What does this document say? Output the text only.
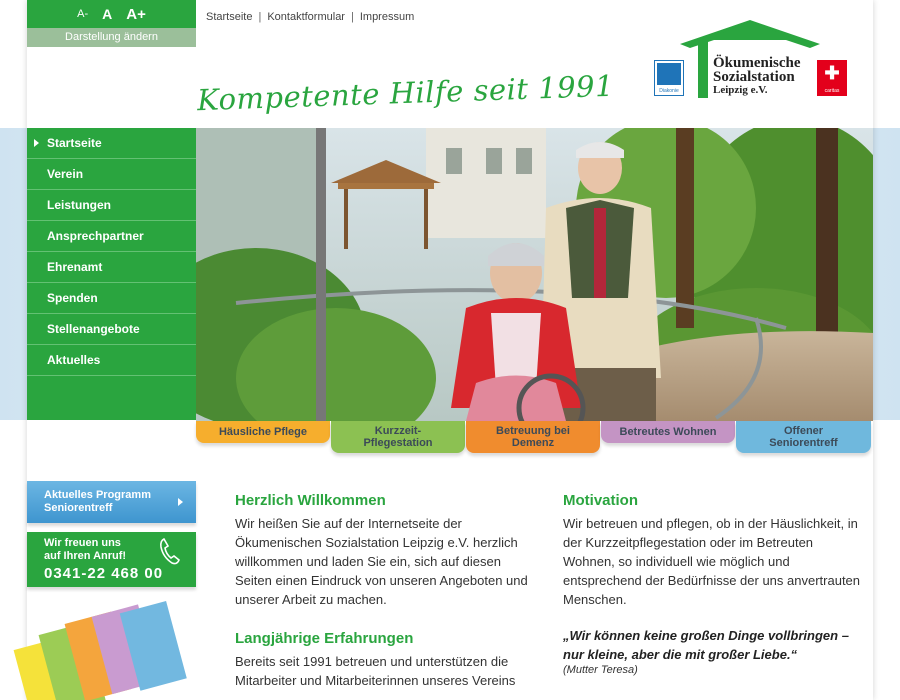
A- A A+
Darstellung ändern
Startseite | Kontaktformular | Impressum
Kompetente Hilfe seit 1991	Diakonie
Ökumenische
Sozialstation
Leipzig e.V.
✚
caritas
Startseite
Verein
Leistungen
Ansprechpartner
Ehrenamt
Spenden
Stellenangebote
Aktuelles
Häusliche Pflege	Kurzzeit-
Pflegestation
Betreuung bei
Demenz
Betreutes Wohnen	Offener
Seniorentreff
Aktuelles Programm
Seniorentreff
Wir freuen uns
auf Ihren Anruf!
0341-22 468 00
Herzlich Willkommen

Wir heißen Sie auf der Internetseite der Ökumenischen Sozialstation Leipzig e.V. herzlich willkommen und laden Sie ein, sich auf diesen Seiten einen Eindruck von unseren Angeboten und unserer Arbeit zu machen.

Langjährige Erfahrungen

Bereits seit 1991 betreuen und unterstützen die Mitarbeiter und Mitarbeiterinnen unseres Vereins

Motivation

Wir betreuen und pflegen, ob in der Häuslichkeit, in der Kurzzeitpflegestation oder im Betreuten Wohnen, so individuell wie möglich und entsprechend der Bedürfnisse der uns anvertrauten Menschen.

„Wir können keine großen Dinge vollbringen – nur kleine, aber die mit großer Liebe.“
(Mutter Teresa)
